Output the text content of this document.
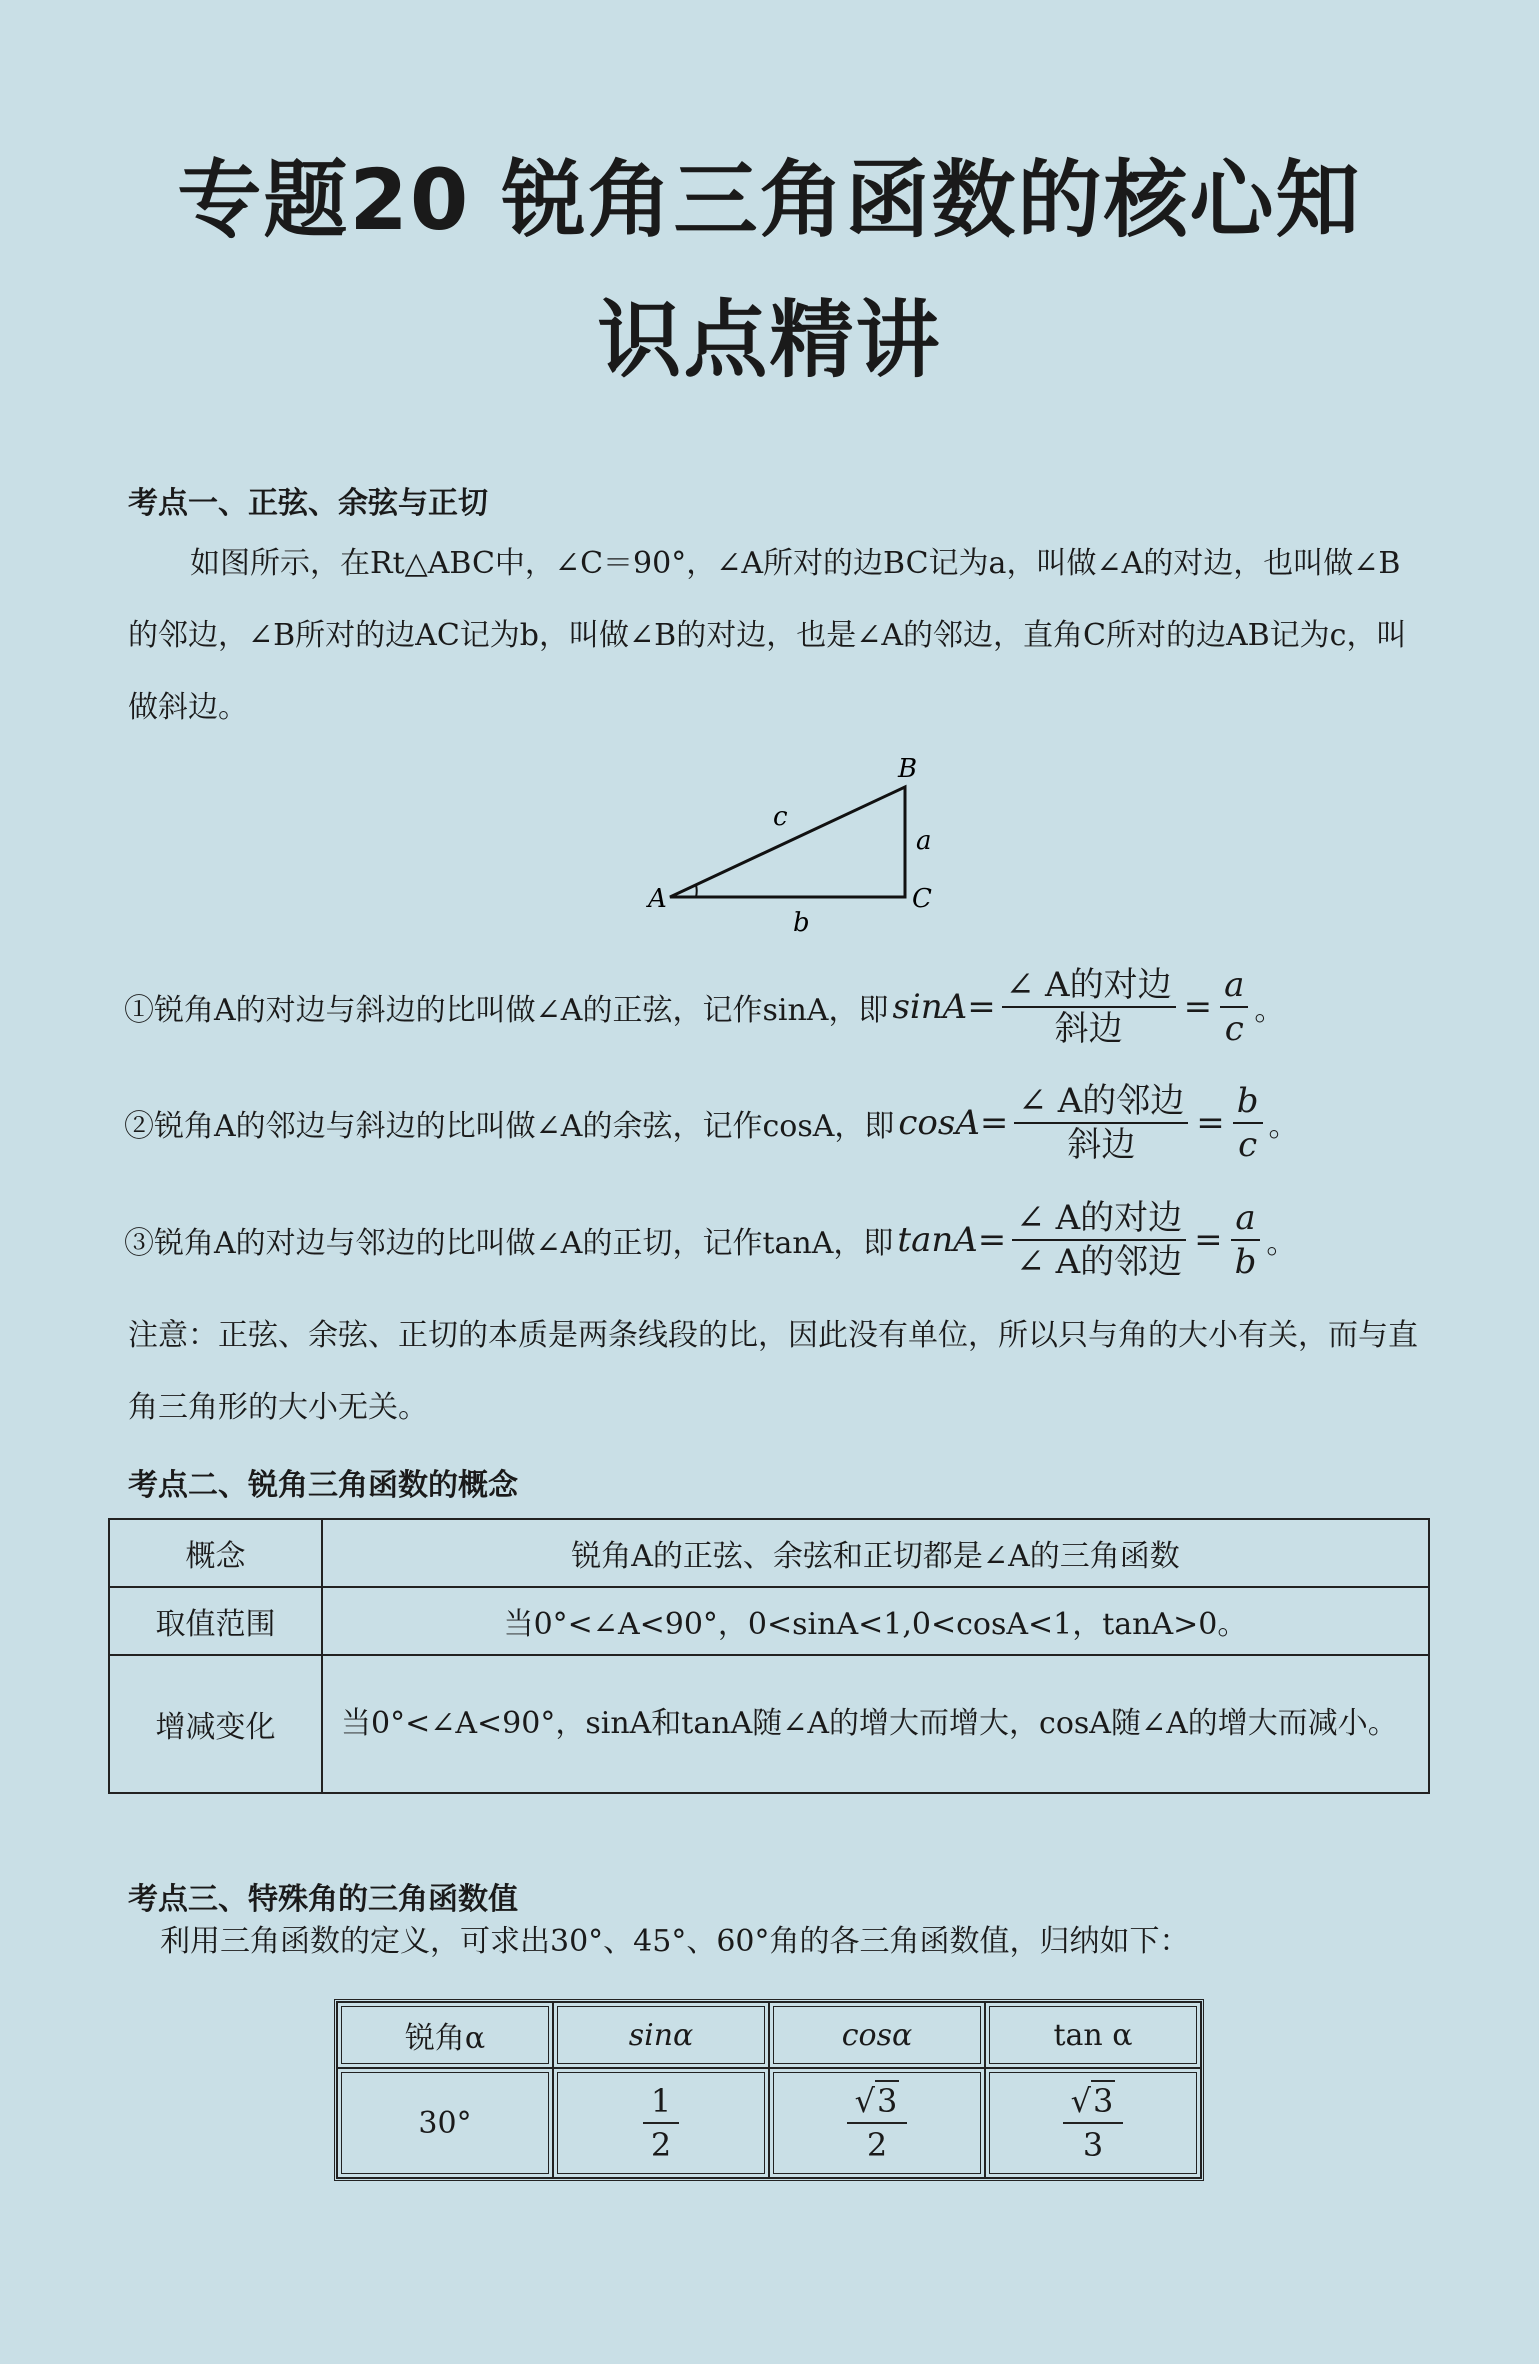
专题20 锐角三角函数的核心知
识点精讲
考点一、正弦、余弦与正切

如图所示，在Rt△ABC中，∠C＝90°，∠A所对的边BC记为a，叫做∠A的对边，也叫做∠B的邻边，∠B所对的边AC记为b，叫做∠B的对边，也是∠A的邻边，直角C所对的边AB记为c，叫做斜边。

A
B
C
a
b
c
①锐角A的对边与斜边的比叫做∠A的正弦，记作sinA，即 $\sin A= \frac{\text{∠ A的对边}}{\text{斜边}} = \frac{a}{c}$ 。
②锐角A的邻边与斜边的比叫做∠A的余弦，记作cosA，即 $\cos A= \frac{\text{∠ A的邻边}}{\text{斜边}} = \frac{b}{c}$ 。
③锐角A的对边与邻边的比叫做∠A的正切，记作tanA，即 $\tan A= \frac{\text{∠ A的对边}}{\text{∠ A的邻边}} = \frac{a}{b}$ 。

注意：正弦、余弦、正切的本质是两条线段的比，因此没有单位，所以只与角的大小有关，而与直角三角形的大小无关。

考点二、锐角三角函数的概念
概念	锐角A的正弦、余弦和正切都是∠A的三角函数
取值范围	当0°<∠A<90°，0<sinA<1,0<cosA<1，tanA>0。
增减变化	当0°<∠A<90°，sinA和tanA随∠A的增大而增大，cosA随∠A的增大而减小。
考点三、特殊角的三角函数值

利用三角函数的定义，可求出30°、45°、60°角的各三角函数值，归纳如下：

锐角α	sinα	cosα	tan α
30°	$\frac{1}{2}$	$\frac{√3}{2}$	$\frac{√3}{3}$
